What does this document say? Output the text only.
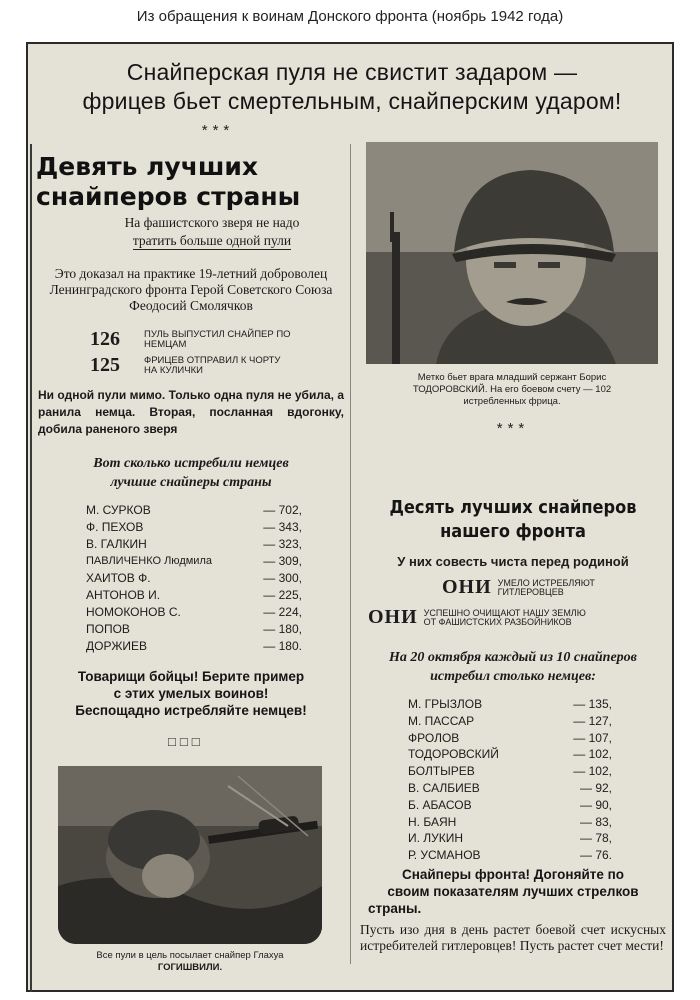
Из обращения к воинам Донского фронта (ноябрь 1942 года)
Снайперская пуля не свистит задаром —
фрицев бьет смертельным, снайперским ударом!
***
Девять лучших
снайперов страны
На фашистского зверя не надо
тратить больше одной пули
Это доказал на практике 19-летний доброволец Ленинградского фронта Герой Советского Союза Феодосий Смолячков
126	ПУЛЬ ВЫПУСТИЛ СНАЙПЕР ПО НЕМЦАМ
125	ФРИЦЕВ ОТПРАВИЛ К ЧОРТУ НА КУЛИЧКИ
Ни одной пули мимо. Только одна пуля не убила, а ранила немца. Вторая, посланная вдогонку, добила раненого зверя
Вот сколько истребили немцев
лучшие снайперы страны
М. СУРКОВ	— 702,
Ф. ПЕХОВ	— 343,
В. ГАЛКИН	— 323,
ПАВЛИЧЕНКО Людмила	— 309,
ХАИТОВ Ф.	— 300,
АНТОНОВ И.	— 225,
НОМОКОНОВ С.	— 224,
ПОПОВ	— 180,
ДОРЖИЕВ	— 180.
Товарищи бойцы! Берите пример
с этих умелых воинов!
Беспощадно истребляйте немцев!
□□□
Все пули в цель посылает снайпер Глахуа
ГОГИШВИЛИ.
Метко бьет врага младший сержант Борис
ТОДОРОВСКИЙ. На его боевом счету — 102
истребленных фрица.
***
Десять лучших снайперов
нашего фронта
У них совесть чиста перед родиной
ОНИ УМЕЛО ИСТРЕБЛЯЮТ
ГИТЛЕРОВЦЕВ
ОНИ УСПЕШНО ОЧИЩАЮТ НАШУ ЗЕМЛЮ
ОТ ФАШИСТСКИХ РАЗБОЙНИКОВ
На 20 октября каждый из 10 снайперов
истребил столько немцев:
М. ГРЫЗЛОВ	— 135,
М. ПАССАР	— 127,
ФРОЛОВ	— 107,
ТОДОРОВСКИЙ	— 102,
БОЛТЫРЕВ	— 102,
В. САЛБИЕВ	— 92,
Б. АБАСОВ	— 90,
Н. БАЯН	— 83,
И. ЛУКИН	— 78,
Р. УСМАНОВ	— 76.
Снайперы фронта! Догоняйте по
своим показателям лучших стрелков
страны.
Пусть изо дня в день растет боевой счет искусных истребителей гитлеровцев! Пусть растет счет мести!
